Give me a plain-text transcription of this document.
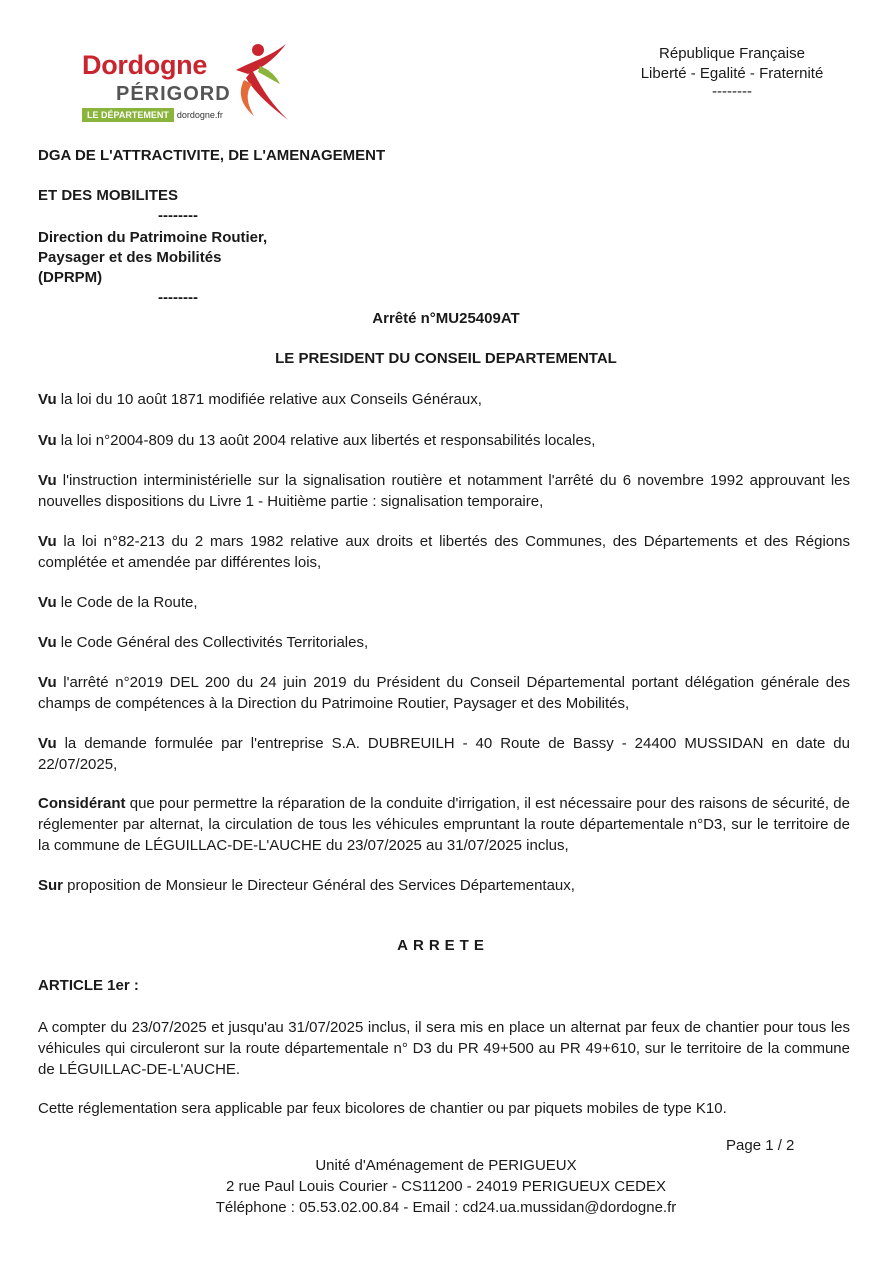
Dordogne
PÉRIGORD
LE DÉPARTEMENT dordogne.fr
République Française
Liberté - Egalité - Fraternité
--------
DGA DE L'ATTRACTIVITE, DE L'AMENAGEMENT
ET DES MOBILITES
--------
Direction du Patrimoine Routier,
Paysager et des Mobilités
(DPRPM)
--------
Arrêté n°MU25409AT
LE PRESIDENT DU CONSEIL DEPARTEMENTAL
Vu la loi du 10 août 1871 modifiée relative aux Conseils Généraux,
Vu la loi n°2004-809 du 13 août 2004 relative aux libertés et responsabilités locales,
Vu l'instruction interministérielle sur la signalisation routière et notamment l'arrêté du 6 novembre 1992 approuvant les nouvelles dispositions du Livre 1 - Huitième partie : signalisation temporaire,
Vu la loi n°82-213 du 2 mars 1982 relative aux droits et libertés des Communes, des Départements et des Régions complétée et amendée par différentes lois,
Vu le Code de la Route,
Vu le Code Général des Collectivités Territoriales,
Vu l'arrêté n°2019 DEL 200 du 24 juin 2019 du Président du Conseil Départemental portant délégation générale des champs de compétences à la Direction du Patrimoine Routier, Paysager et des Mobilités,
Vu la demande formulée par l'entreprise S.A. DUBREUILH - 40 Route de Bassy - 24400 MUSSIDAN en date du 22/07/2025,
Considérant que pour permettre la réparation de la conduite d'irrigation, il est nécessaire pour des raisons de sécurité, de réglementer par alternat, la circulation de tous les véhicules empruntant la route départementale n°D3, sur le territoire de la commune de LÉGUILLAC-DE-L'AUCHE du 23/07/2025 au 31/07/2025 inclus,
Sur proposition de Monsieur le Directeur Général des Services Départementaux,
ARRETE
ARTICLE 1er :
A compter du 23/07/2025 et jusqu'au 31/07/2025 inclus, il sera mis en place un alternat par feux de chantier pour tous les véhicules qui circuleront sur la route départementale n° D3 du PR 49+500 au PR 49+610, sur le territoire de la commune de LÉGUILLAC-DE-L'AUCHE.
Cette réglementation sera applicable par feux bicolores de chantier ou par piquets mobiles de type K10.
Page 1 / 2
Unité d'Aménagement de PERIGUEUX
2 rue Paul Louis Courier - CS11200 - 24019 PERIGUEUX CEDEX
Téléphone : 05.53.02.00.84 - Email : cd24.ua.mussidan@dordogne.fr
